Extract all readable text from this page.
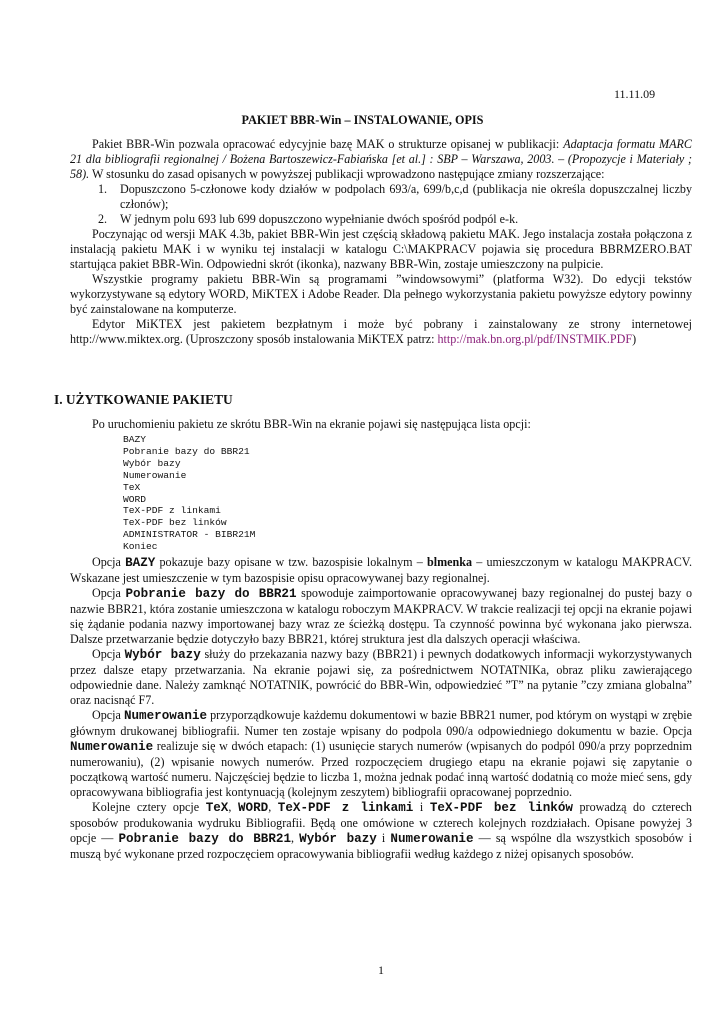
11.11.09
PAKIET BBR-Win – INSTALOWANIE, OPIS

Pakiet BBR-Win pozwala opracować edycyjnie bazę MAK o strukturze opisanej w publikacji: Adaptacja formatu MARC 21 dla bibliografii regionalnej / Bożena Bartoszewicz-Fabiańska [et al.] : SBP – Warszawa, 2003. – (Propozycje i Materiały ; 58). W stosunku do zasad opisanych w powyższej publikacji wprowadzono następujące zmiany rozszerzające:

1. Dopuszczono 5-członowe kody działów w podpolach 693/a, 699/b,c,d (publikacja nie określa dopuszczalnej liczby członów);
2. W jednym polu 693 lub 699 dopuszczono wypełnianie dwóch spośród podpól e-k.

Poczynając od wersji MAK 4.3b, pakiet BBR-Win jest częścią składową pakietu MAK. Jego instalacja została połączona z instalacją pakietu MAK i w wyniku tej instalacji w katalogu C:\MAKPRACV pojawia się procedura BBRMZERO.BAT startująca pakiet BBR-Win. Odpowiedni skrót (ikonka), nazwany BBR-Win, zostaje umieszczony na pulpicie.

Wszystkie programy pakietu BBR-Win są programami ”windowsowymi” (platforma W32). Do edycji tekstów wykorzystywane są edytory WORD, MiKTEX i Adobe Reader. Dla pełnego wykorzystania pakietu powyższe edytory powinny być zainstalowane na komputerze.

Edytor MiKTEX jest pakietem bezpłatnym i może być pobrany i zainstalowany ze strony internetowej http://www.miktex.org. (Uproszczony sposób instalowania MiKTEX patrz: http://mak.bn.org.pl/pdf/INSTMIK.PDF)

I. UŻYTKOWANIE PAKIETU

Po uruchomieniu pakietu ze skrótu BBR-Win na ekranie pojawi się następująca lista opcji:

BAZY
Pobranie bazy do BBR21
Wybór bazy
Numerowanie
TeX
WORD
TeX-PDF z linkami
TeX-PDF bez linków
ADMINISTRATOR - BIBR21M
Koniec

Opcja BAZY pokazuje bazy opisane w tzw. bazospisie lokalnym – blmenka – umieszczonym w katalogu MAKPRACV. Wskazane jest umieszczenie w tym bazospisie opisu opracowywanej bazy regionalnej.

Opcja Pobranie bazy do BBR21 spowoduje zaimportowanie opracowywanej bazy regionalnej do pustej bazy o nazwie BBR21, która zostanie umieszczona w katalogu roboczym MAKPRACV. W trakcie realizacji tej opcji na ekranie pojawi się żądanie podania nazwy importowanej bazy wraz ze ścieżką dostępu. Ta czynność powinna być wykonana jako pierwsza. Dalsze przetwarzanie będzie dotyczyło bazy BBR21, której struktura jest dla dalszych operacji właściwa.

Opcja Wybór bazy służy do przekazania nazwy bazy (BBR21) i pewnych dodatkowych informacji wykorzystywanych przez dalsze etapy przetwarzania. Na ekranie pojawi się, za pośrednictwem NOTATNIKa, obraz pliku zawierającego odpowiednie dane. Należy zamknąć NOTATNIK, powrócić do BBR-Win, odpowiedzieć ”T” na pytanie ”czy zmiana globalna” oraz nacisnąć F7.

Opcja Numerowanie przyporządkowuje każdemu dokumentowi w bazie BBR21 numer, pod którym on wystąpi w zrębie głównym drukowanej bibliografii. Numer ten zostaje wpisany do podpola 090/a odpowiedniego dokumentu w bazie. Opcja Numerowanie realizuje się w dwóch etapach: (1) usunięcie starych numerów (wpisanych do podpól 090/a przy poprzednim numerowaniu), (2) wpisanie nowych numerów. Przed rozpoczęciem drugiego etapu na ekranie pojawi się zapytanie o początkową wartość numeru. Najczęściej będzie to liczba 1, można jednak podać inną wartość dodatnią co może mieć sens, gdy opracowywana bibliografia jest kontynuacją (kolejnym zeszytem) bibliografii opracowanej poprzednio.

Kolejne cztery opcje TeX, WORD, TeX-PDF z linkami i TeX-PDF bez linków prowadzą do czterech sposobów produkowania wydruku Bibliografii. Będą one omówione w czterech kolejnych rozdziałach. Opisane powyżej 3 opcje — Pobranie bazy do BBR21, Wybór bazy i Numerowanie — są wspólne dla wszystkich sposobów i muszą być wykonane przed rozpoczęciem opracowywania bibliografii według każdego z niżej opisanych sposobów.

1
